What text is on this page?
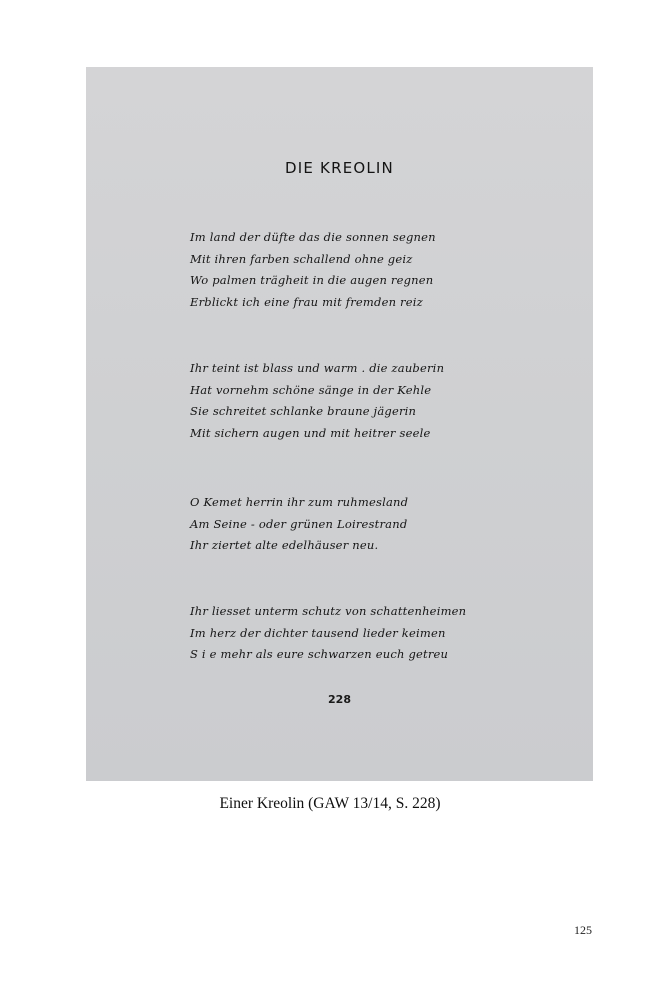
DIE KREOLIN
Im land der düfte das die sonnen segnen
Mit ihren farben schallend ohne geiz
Wo palmen trägheit in die augen regnen
Erblickt ich eine frau mit fremden reiz
Ihr teint ist blass und warm . die zauberin
Hat vornehm schöne sänge in der Kehle
Sie schreitet schlanke braune jägerin
Mit sichern augen und mit heitrer seele
O Kemet herrin ihr zum ruhmesland
Am Seine - oder grünen Loirestrand
Ihr ziertet alte edelhäuser neu.
Ihr liesset unterm schutz von schattenheimen
Im herz der dichter tausend lieder keimen
S i e mehr als eure schwarzen euch getreu
228
Einer Kreolin (GAW 13/14, S. 228)
125
